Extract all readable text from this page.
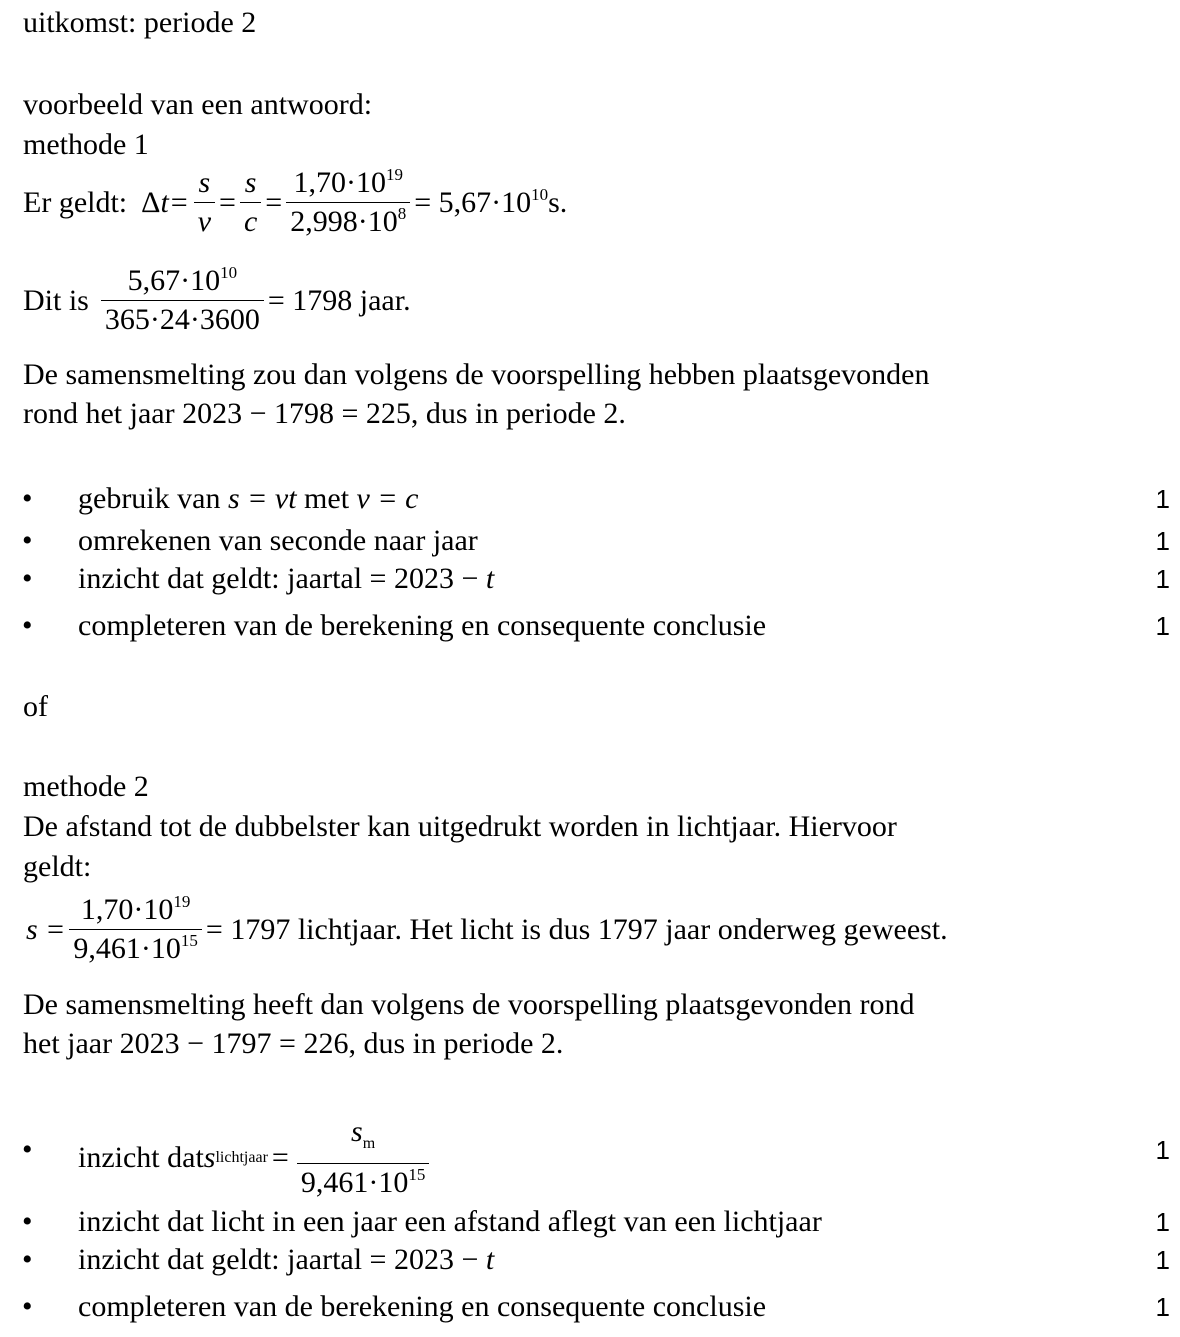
uitkomst: periode 2
voorbeeld van een antwoord:
methode 1
Er geldt: $\Delta t = \frac{s}{v} = \frac{s}{c} = \frac{1,70\cdot 10^{19}}{2,998\cdot 10^8} = 5,67\cdot 10^{10}$ s.
Dit is $\frac{5,67\cdot 10^{10}}{365\cdot 24\cdot 3600} = 1798$ jaar.
De samensmelting zou dan volgens de voorspelling hebben plaatsgevonden
rond het jaar 2023 − 1798 = 225, dus in periode 2.
• gebruik van s = vt met v = c	1
• omrekenen van seconde naar jaar	1
• inzicht dat geldt: jaartal = 2023 − t	1
• completeren van de berekening en consequente conclusie	1
of
methode 2
De afstand tot de dubbelster kan uitgedrukt worden in lichtjaar. Hiervoor
geldt:
$s = \frac{1,70\cdot 10^{19}}{9,461\cdot 10^{15}} = 1797$ lichtjaar. Het licht is dus 1797 jaar onderweg geweest.
De samensmelting heeft dan volgens de voorspelling plaatsgevonden rond
het jaar 2023 − 1797 = 226, dus in periode 2.
• inzicht dat s lichtjaar = $\frac{s_m}{9,461\cdot 10^{15}}$	1
• inzicht dat licht in een jaar een afstand aflegt van een lichtjaar	1
• inzicht dat geldt: jaartal = 2023 − t	1
• completeren van de berekening en consequente conclusie	1
